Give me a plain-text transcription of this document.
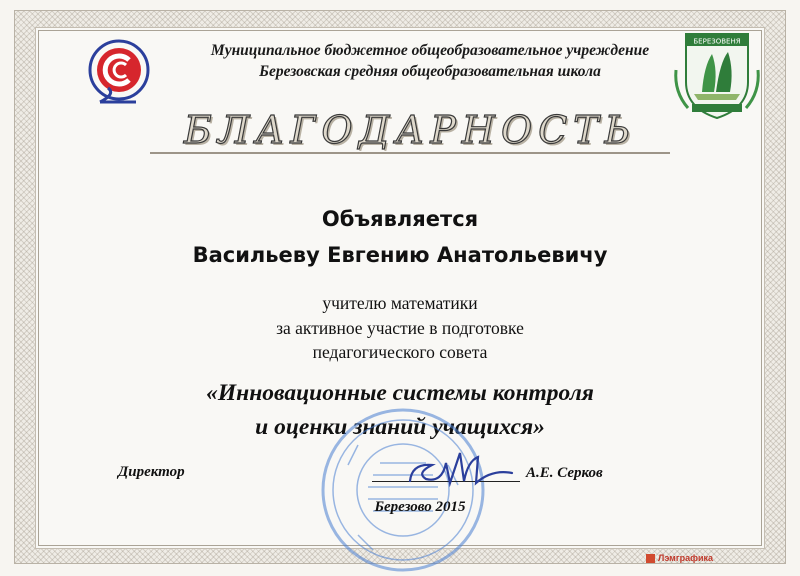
БЕРЕЗОВЕНЯ
Муниципальное бюджетное общеобразовательное учреждение
Березовская средняя общеобразовательная школа
БЛАГОДАРНОСТЬ
Объявляется
Васильеву Евгению Анатольевичу
учителю математики
за активное участие в подготовке
педагогического совета
«Инновационные системы контроля
и оценки знаний учащихся»
Директор	А.Е. Серков
Березово 2015
Лэмграфика
